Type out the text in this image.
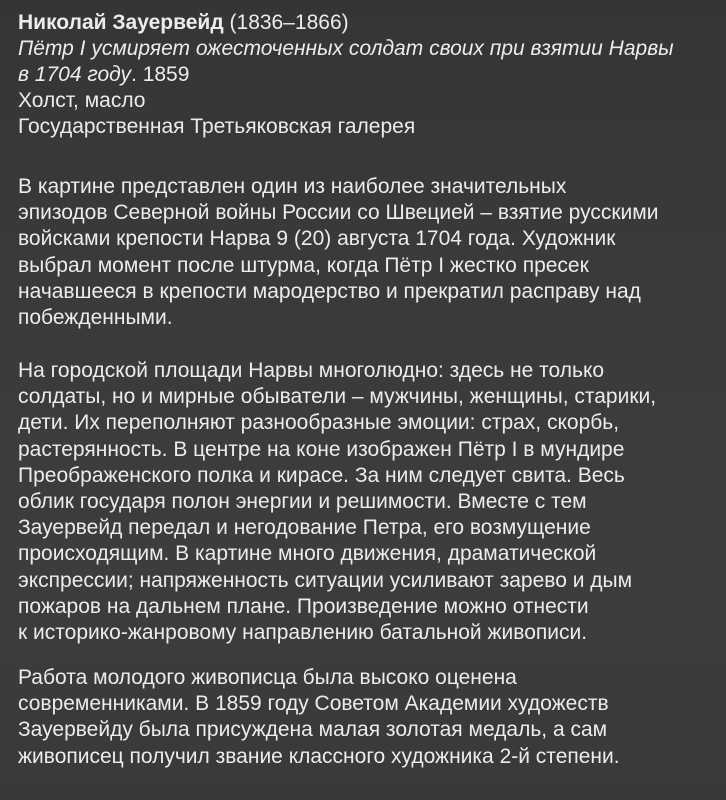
Николай Зауервейд (1836–1866)
Пётр I усмиряет ожесточенных солдат своих при взятии Нарвы
в 1704 году. 1859
Холст, масло
Государственная Третьяковская галерея

В картине представлен один из наиболее значительных
эпизодов Северной войны России со Швецией – взятие русскими
войсками крепости Нарва 9 (20) августа 1704 года. Художник
выбрал момент после штурма, когда Пётр I жестко пресек
начавшееся в крепости мародерство и прекратил расправу над
побежденными.

На городской площади Нарвы многолюдно: здесь не только
солдаты, но и мирные обыватели – мужчины, женщины, старики,
дети. Их переполняют разнообразные эмоции: страх, скорбь,
растерянность. В центре на коне изображен Пётр I в мундире
Преображенского полка и кирасе. За ним следует свита. Весь
облик государя полон энергии и решимости. Вместе с тем
Зауервейд передал и негодование Петра, его возмущение
происходящим. В картине много движения, драматической
экспрессии; напряженность ситуации усиливают зарево и дым
пожаров на дальнем плане. Произведение можно отнести
к историко-жанровому направлению батальной живописи.

Работа молодого живописца была высоко оценена
современниками. В 1859 году Советом Академии художеств
Зауервейду была присуждена малая золотая медаль, а сам
живописец получил звание классного художника 2-й степени.
